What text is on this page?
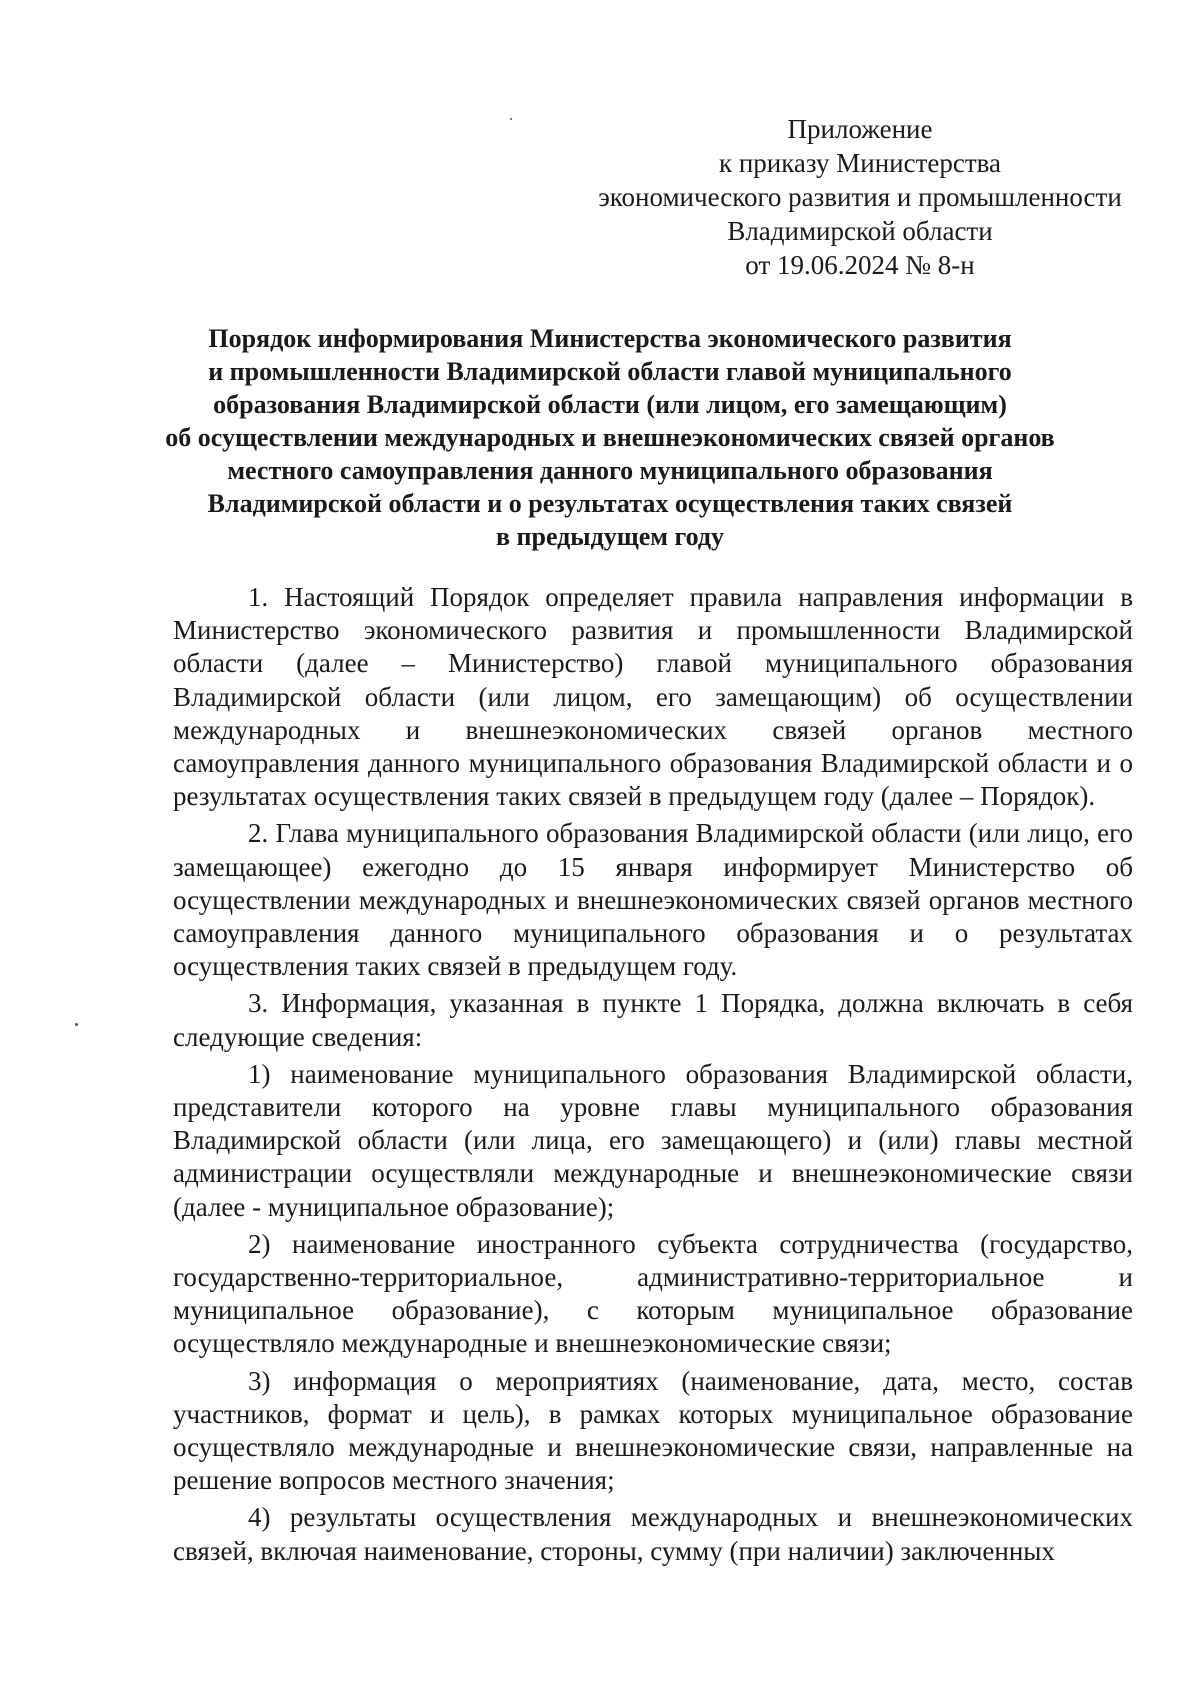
Приложение
к приказу Министерства
экономического развития и промышленности
Владимирской области
от 19.06.2024 № 8-н
Порядок информирования Министерства экономического развития
и промышленности Владимирской области главой муниципального
образования Владимирской области (или лицом, его замещающим)
об осуществлении международных и внешнеэкономических связей органов
местного самоуправления данного муниципального образования
Владимирской области и о результатах осуществления таких связей
в предыдущем году

1. Настоящий Порядок определяет правила направления информации в Министерство экономического развития и промышленности Владимирской области (далее – Министерство) главой муниципального образования Владимирской области (или лицом, его замещающим) об осуществлении международных и внешнеэкономических связей органов местного самоуправления данного муниципального образования Владимирской области и о результатах осуществления таких связей в предыдущем году (далее – Порядок).

2. Глава муниципального образования Владимирской области (или лицо, его замещающее) ежегодно до 15 января информирует Министерство об осуществлении международных и внешнеэкономических связей органов местного самоуправления данного муниципального образования и о результатах осуществления таких связей в предыдущем году.

3. Информация, указанная в пункте 1 Порядка, должна включать в себя следующие сведения:

1) наименование муниципального образования Владимирской области, представители которого на уровне главы муниципального образования Владимирской области (или лица, его замещающего) и (или) главы местной администрации осуществляли международные и внешнеэкономические связи (далее - муниципальное образование);

2) наименование иностранного субъекта сотрудничества (государство, государственно-территориальное, административно-территориальное и муниципальное образование), с которым муниципальное образование осуществляло международные и внешнеэкономические связи;

3) информация о мероприятиях (наименование, дата, место, состав участников, формат и цель), в рамках которых муниципальное образование осуществляло международные и внешнеэкономические связи, направленные на решение вопросов местного значения;

4) результаты осуществления международных и внешнеэкономических связей, включая наименование, стороны, сумму (при наличии) заключенных
